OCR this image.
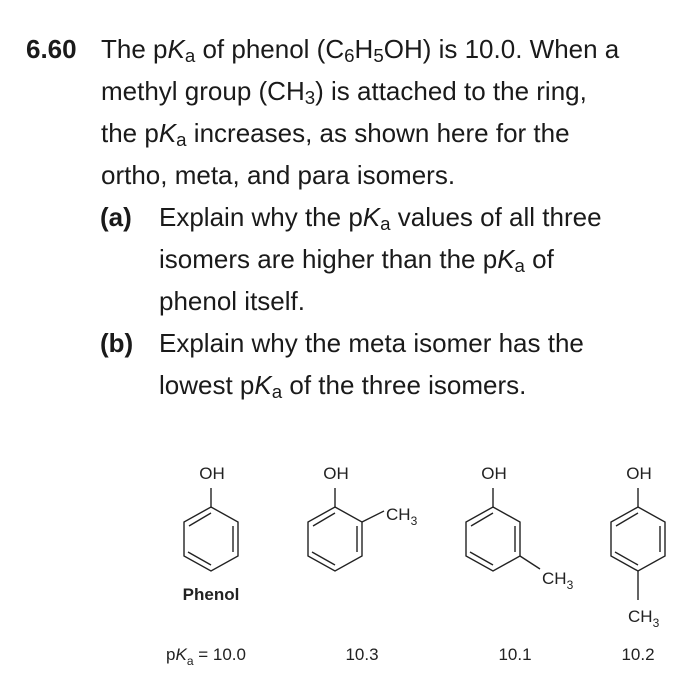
6.60 The $pK_a$ of phenol $(C_6H_5OH)$ is 10.0. When a
methyl group $(CH_3)$ is attached to the ring,
the $pK_a$ increases, as shown here for the
ortho, meta, and para isomers.
(a) Explain why the $pK_a$ values of all three
isomers are higher than the $pK_a$ of
phenol itself.
(b) Explain why the meta isomer has the
lowest $pK_a$ of the three isomers.
OH
Phenol
OH
$CH_3$
OH
$CH_3$
OH
$CH_3$
$pK_a = 10.0$	10.3	10.1	10.2
